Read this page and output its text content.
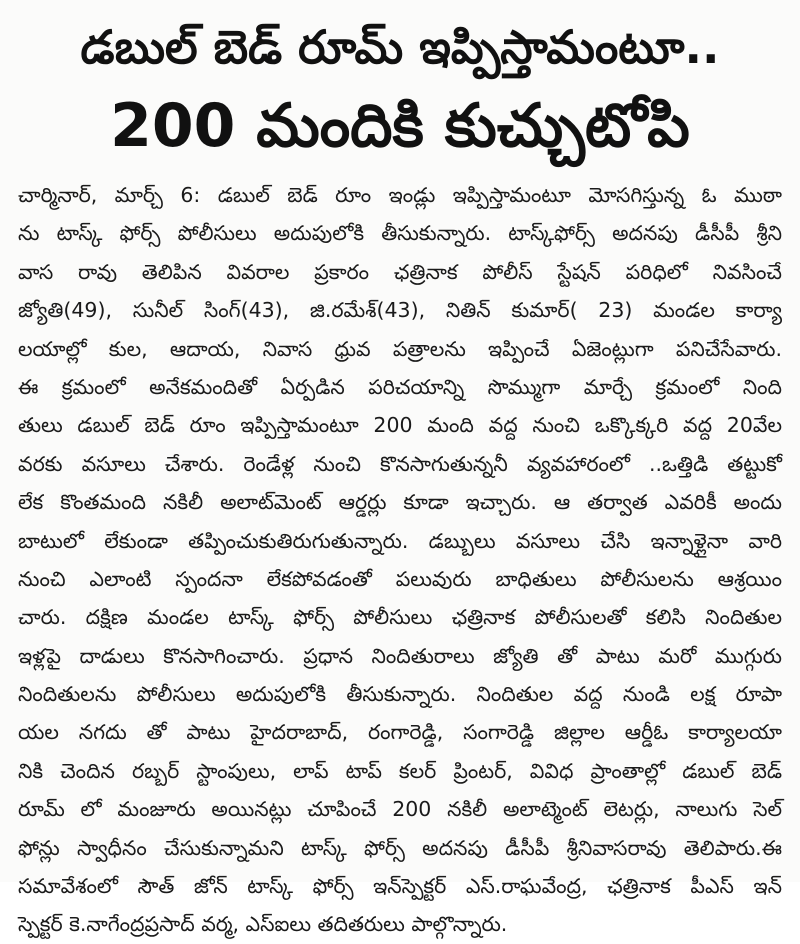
డబుల్ బెడ్ రూమ్ ఇప్పిస్తామంటూ..
200 మందికి కుచ్చుటోపి
చార్మినార్, మార్చ్ 6: డబుల్ బెడ్ రూం ఇండ్లు ఇప్పిస్తామంటూ మోసగిస్తున్న ఓ ముఠా
ను టాస్క్ ఫోర్స్ పోలీసులు అదుపులోకి తీసుకున్నారు. టాస్క్‌ఫోర్స్ అదనపు డీసీపీ శ్రీని
వాస రావు తెలిపిన వివరాల ప్రకారం ఛత్రినాక పోలీస్ స్టేషన్ పరిధిలో నివసించే
జ్యోతి(49), సునీల్ సింగ్(43), జి.రమేశ్(43), నితిన్ కుమార్( 23) మండల కార్యా
లయాల్లో కుల, ఆదాయ, నివాస ధ్రువ పత్రాలను ఇప్పించే ఏజెంట్లుగా పనిచేసేవారు.
ఈ క్రమంలో అనేకమందితో ఏర్పడిన పరిచయాన్ని సొమ్ముగా మార్చే క్రమంలో నింది
తులు డబుల్ బెడ్ రూం ఇప్పిస్తామంటూ 200 మంది వద్ద నుంచి ఒక్కొక్కరి వద్ద 20వేల
వరకు వసూలు చేశారు. రెండేళ్ల నుంచి కొనసాగుతున్ననీ వ్యవహారంలో ..ఒత్తిడి తట్టుకో
లేక కొంతమంది నకిలీ అలాట్‌మెంట్ ఆర్డర్లు కూడా ఇచ్చారు. ఆ తర్వాత ఎవరికీ అందు
బాటులో లేకుండా తప్పించుకుతిరుగుతున్నారు. డబ్బులు వసూలు చేసి ఇన్నాళ్లైనా వారి
నుంచి ఎలాంటి స్పందనా లేకపోవడంతో పలువురు బాధితులు పోలీసులను ఆశ్రయిం
చారు. దక్షిణ మండల టాస్క్ ఫోర్స్ పోలీసులు ఛత్రినాక పోలీసులతో కలిసి నిందితుల
ఇళ్లపై దాడులు కొనసాగించారు. ప్రధాన నిందితురాలు జ్యోతి తో పాటు మరో ముగ్గురు
నిందితులను పోలీసులు అదుపులోకి తీసుకున్నారు. నిందితుల వద్ద నుండి లక్ష రూపా
యల నగదు తో పాటు హైదరాబాద్, రంగారెడ్డి, సంగారెడ్డి జిల్లాల ఆర్డీఓ కార్యాలయా
నికి చెందిన రబ్బర్ స్టాంపులు, లాప్ టాప్ కలర్ ప్రింటర్, వివిధ ప్రాంతాల్లో డబుల్ బెడ్
రూమ్ లో మంజూరు అయినట్లు చూపించే 200 నకిలీ అలాట్మెంట్ లెటర్లు, నాలుగు సెల్
ఫోన్లు స్వాధీనం చేసుకున్నామని టాస్క్ ఫోర్స్ అదనపు డీసీపీ శ్రీనివాసరావు తెలిపారు.ఈ
సమావేశంలో సౌత్ జోన్ టాస్క్ ఫోర్స్ ఇన్‌స్పెక్టర్ ఎస్.రాఘవేంద్ర, ఛత్రినాక పీఎస్ ఇన్
స్పెక్టర్ కె.నాగేంద్రప్రసాద్ వర్మ, ఎస్ఐలు తదితరులు పాల్గొన్నారు.
